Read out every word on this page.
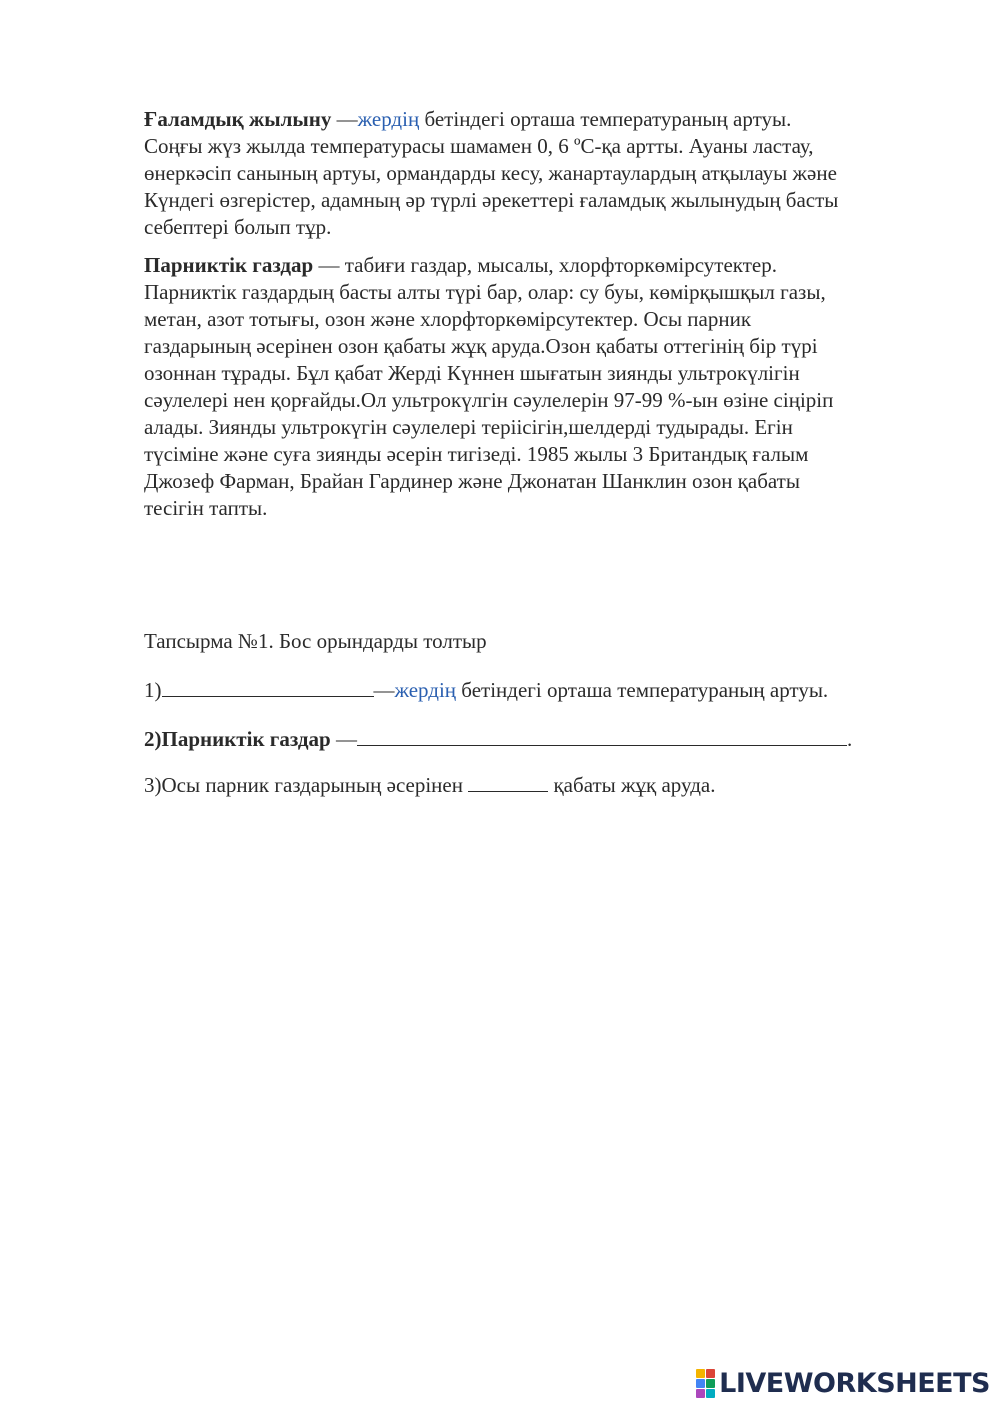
Ғаламдық жылыну —жердің бетіндегі орташа температураның артуы.
Соңғы жүз жылда температурасы шамамен 0, 6 ºС-қа артты. Ауаны ластау,
өнеркәсіп санының артуы, ормандарды кесу, жанартаулардың атқылауы және
Күндегі өзгерістер, адамның әр түрлі әрекеттері ғаламдық жылынудың басты
себептері болып тұр.

Парниктік газдар — табиғи газдар, мысалы, хлорфторкөмірсутектер.
Парниктік газдардың басты алты түрі бар, олар: су буы, көмірқышқыл газы,
метан, азот тотығы, озон және хлорфторкөмірсутектер. Осы парник
газдарының әсерінен озон қабаты жұқ аруда.Озон қабаты оттегінің бір түрі
озоннан тұрады. Бұл қабат Жерді Күннен шығатын зиянды ультрокүлігін
сәулелері нен қорғайды.Ол ультрокүлгін сәулелерін 97-99 %-ын өзіне сіңіріп
алады. Зиянды ультрокүгін сәулелері теріісігін,шелдерді тудырады. Егін
түсіміне және суға зиянды әсерін тигізеді. 1985 жылы 3 Британдық ғалым
Джозеф Фарман, Брайан Гардинер және Джонатан Шанклин озон қабаты
тесігін тапты.

Тапсырма №1. Бос орындарды толтыр

1)	—жердің бетіндегі орташа температураның артуы.

2)Парниктік газдар —	.

3)Осы парник газдарының әсерінен	қабаты жұқ аруда.

LIVEWORKSHEETS
